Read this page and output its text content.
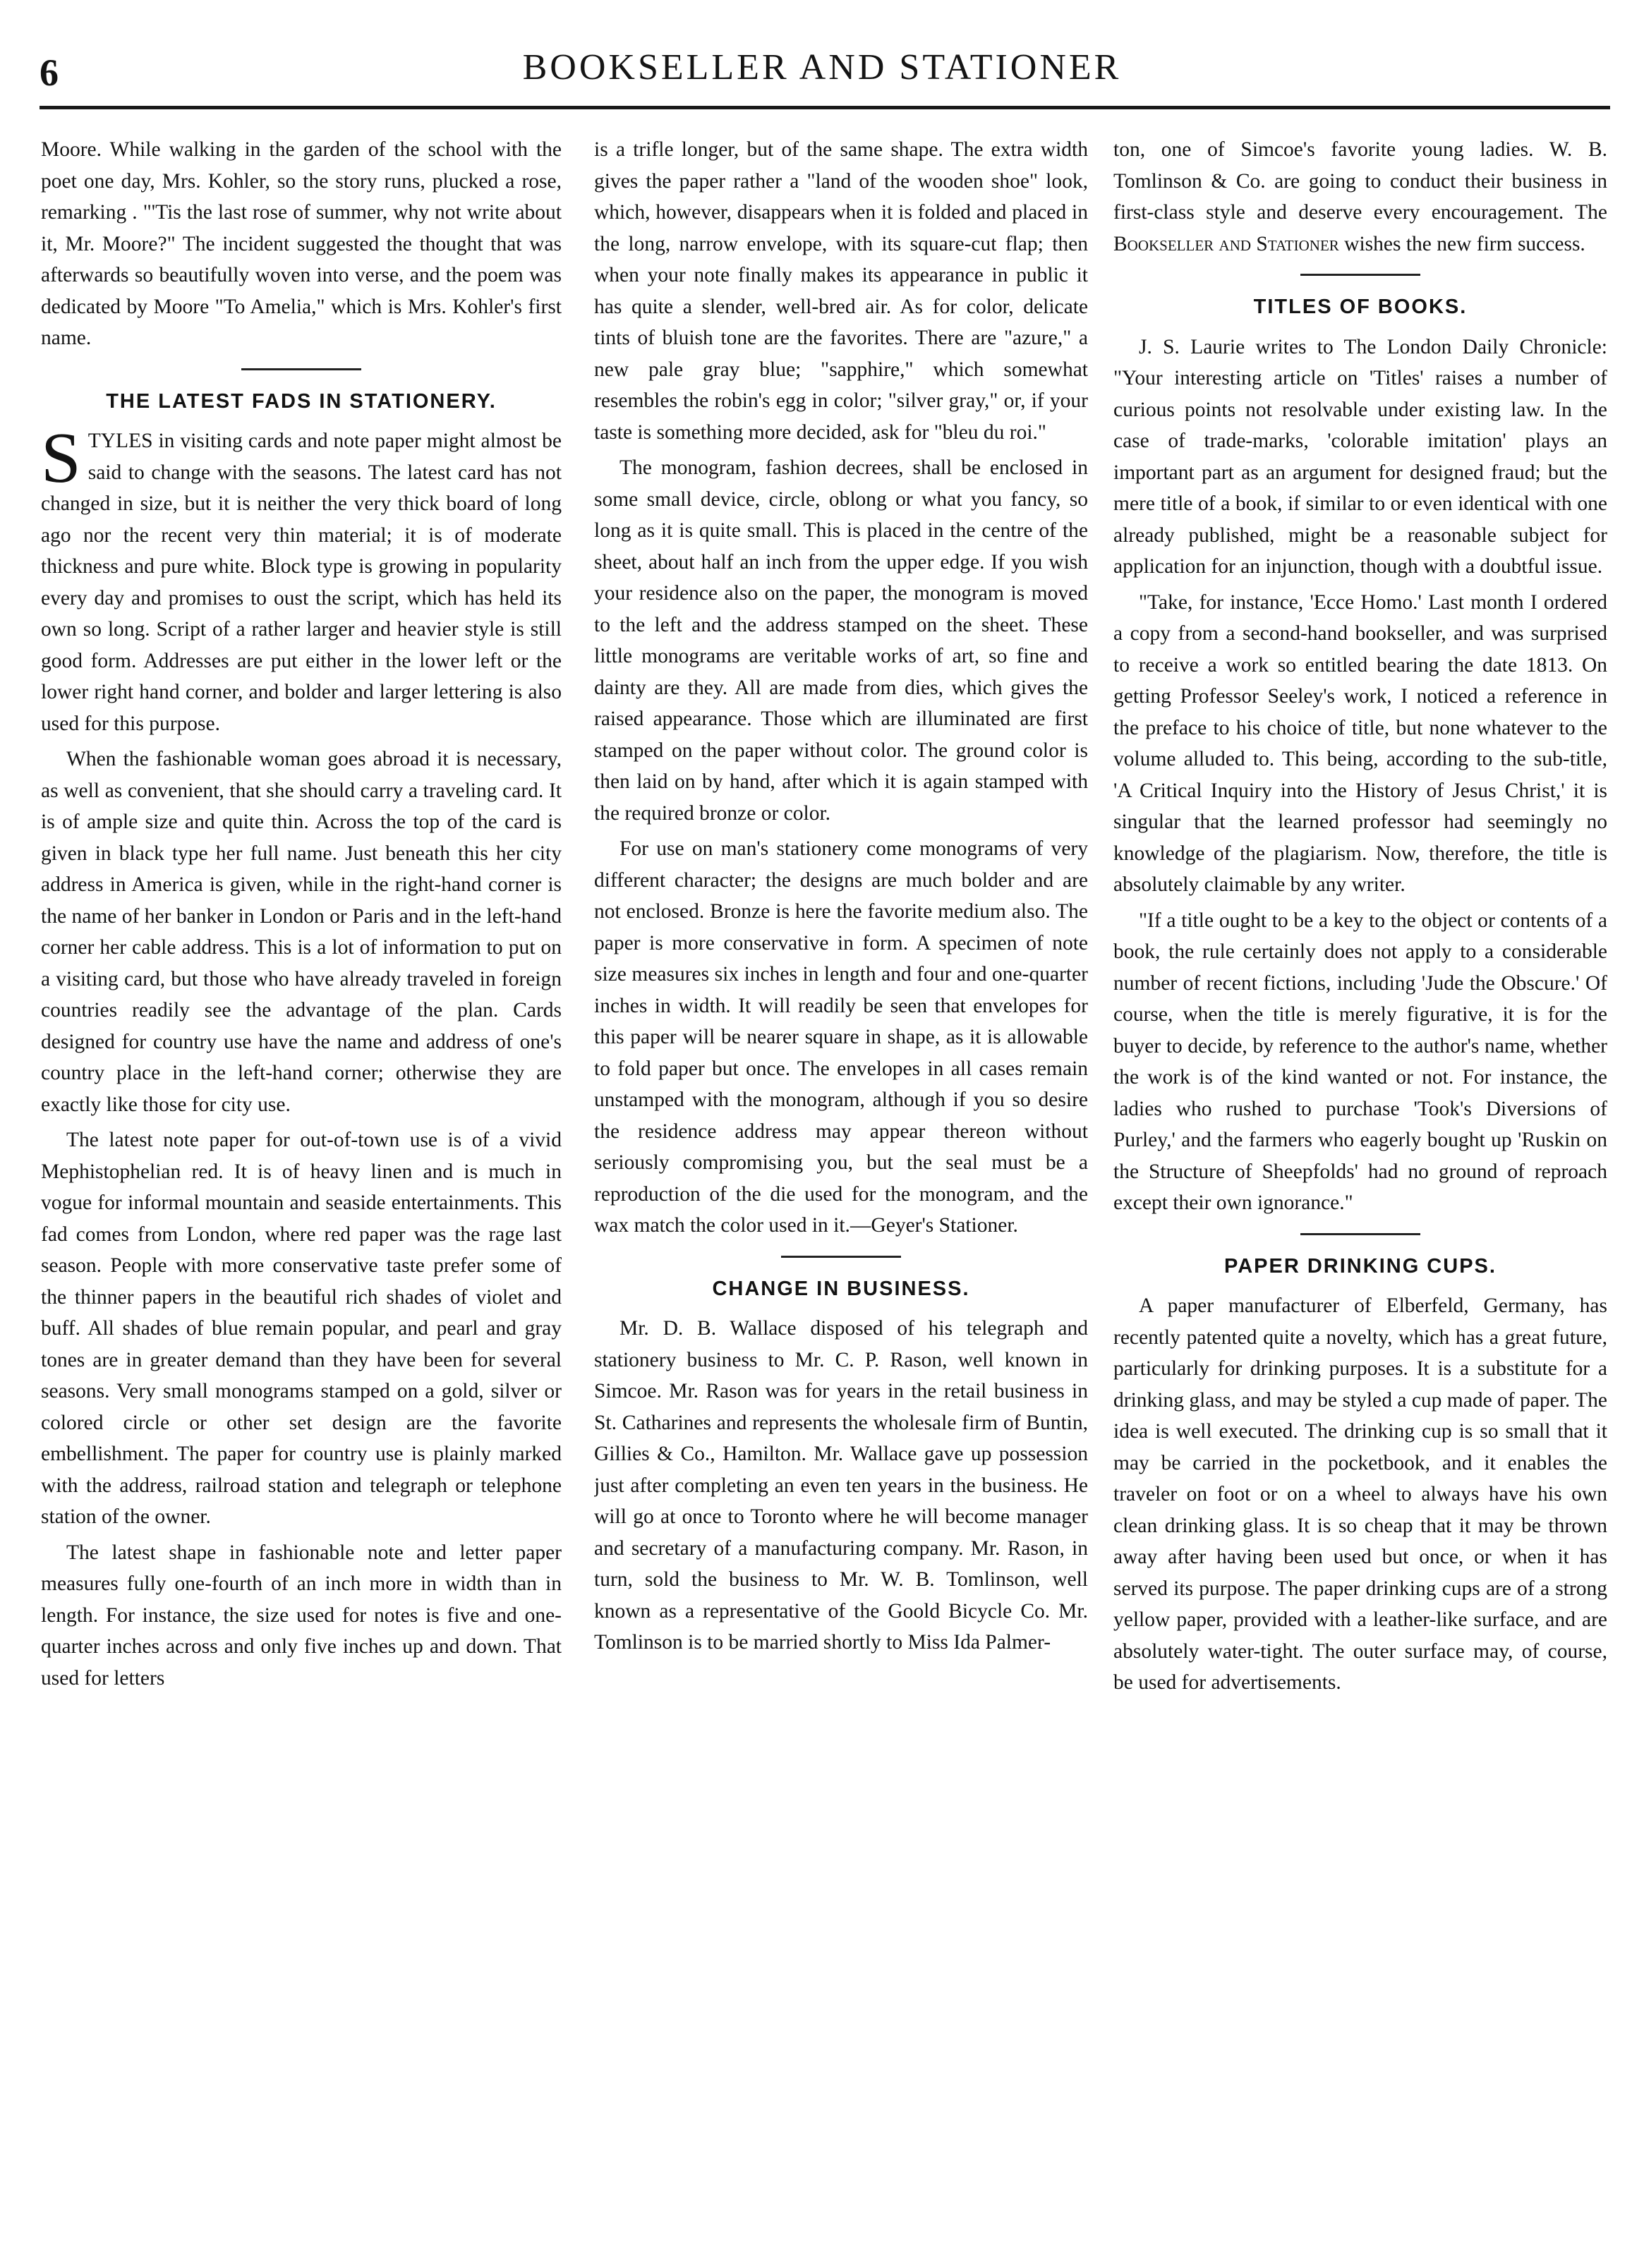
6	BOOKSELLER AND STATIONER

Moore. While walking in the garden of the school with the poet one day, Mrs. Kohler, so the story runs, plucked a rose, remarking . "'Tis the last rose of summer, why not write about it, Mr. Moore?" The incident suggested the thought that was afterwards so beautifully woven into verse, and the poem was dedicated by Moore "To Amelia," which is Mrs. Kohler's first name.

THE LATEST FADS IN STATIONERY.

STYLES in visiting cards and note paper might almost be said to change with the seasons. The latest card has not changed in size, but it is neither the very thick board of long ago nor the recent very thin material; it is of moderate thickness and pure white. Block type is growing in popularity every day and promises to oust the script, which has held its own so long. Script of a rather larger and heavier style is still good form. Addresses are put either in the lower left or the lower right hand corner, and bolder and larger lettering is also used for this purpose.

When the fashionable woman goes abroad it is necessary, as well as convenient, that she should carry a traveling card. It is of ample size and quite thin. Across the top of the card is given in black type her full name. Just beneath this her city address in America is given, while in the right-hand corner is the name of her banker in London or Paris and in the left-hand corner her cable address. This is a lot of information to put on a visiting card, but those who have already traveled in foreign countries readily see the advantage of the plan. Cards designed for country use have the name and address of one's country place in the left-hand corner; otherwise they are exactly like those for city use.

The latest note paper for out-of-town use is of a vivid Mephistophelian red. It is of heavy linen and is much in vogue for informal mountain and seaside entertainments. This fad comes from London, where red paper was the rage last season. People with more conservative taste prefer some of the thinner papers in the beautiful rich shades of violet and buff. All shades of blue remain popular, and pearl and gray tones are in greater demand than they have been for several seasons. Very small monograms stamped on a gold, silver or colored circle or other set design are the favorite embellishment. The paper for country use is plainly marked with the address, railroad station and telegraph or telephone station of the owner.

The latest shape in fashionable note and letter paper measures fully one-fourth of an inch more in width than in length. For instance, the size used for notes is five and one-quarter inches across and only five inches up and down. That used for letters

is a trifle longer, but of the same shape. The extra width gives the paper rather a "land of the wooden shoe" look, which, however, disappears when it is folded and placed in the long, narrow envelope, with its square-cut flap; then when your note finally makes its appearance in public it has quite a slender, well-bred air. As for color, delicate tints of bluish tone are the favorites. There are "azure," a new pale gray blue; "sapphire," which somewhat resembles the robin's egg in color; "silver gray," or, if your taste is something more decided, ask for "bleu du roi."

The monogram, fashion decrees, shall be enclosed in some small device, circle, oblong or what you fancy, so long as it is quite small. This is placed in the centre of the sheet, about half an inch from the upper edge. If you wish your residence also on the paper, the monogram is moved to the left and the address stamped on the sheet. These little monograms are veritable works of art, so fine and dainty are they. All are made from dies, which gives the raised appearance. Those which are illuminated are first stamped on the paper without color. The ground color is then laid on by hand, after which it is again stamped with the required bronze or color.

For use on man's stationery come monograms of very different character; the designs are much bolder and are not enclosed. Bronze is here the favorite medium also. The paper is more conservative in form. A specimen of note size measures six inches in length and four and one-quarter inches in width. It will readily be seen that envelopes for this paper will be nearer square in shape, as it is allowable to fold paper but once. The envelopes in all cases remain unstamped with the monogram, although if you so desire the residence address may appear thereon without seriously compromising you, but the seal must be a reproduction of the die used for the monogram, and the wax match the color used in it.—Geyer's Stationer.

CHANGE IN BUSINESS.

Mr. D. B. Wallace disposed of his telegraph and stationery business to Mr. C. P. Rason, well known in Simcoe. Mr. Rason was for years in the retail business in St. Catharines and represents the wholesale firm of Buntin, Gillies & Co., Hamilton. Mr. Wallace gave up possession just after completing an even ten years in the business. He will go at once to Toronto where he will become manager and secretary of a manufacturing company. Mr. Rason, in turn, sold the business to Mr. W. B. Tomlinson, well known as a representative of the Goold Bicycle Co. Mr. Tomlinson is to be married shortly to Miss Ida Palmer-

ton, one of Simcoe's favorite young ladies. W. B. Tomlinson & Co. are going to conduct their business in first-class style and deserve every encouragement. The Bookseller and Stationer wishes the new firm success.

TITLES OF BOOKS.

J. S. Laurie writes to The London Daily Chronicle: "Your interesting article on 'Titles' raises a number of curious points not resolvable under existing law. In the case of trade-marks, 'colorable imitation' plays an important part as an argument for designed fraud; but the mere title of a book, if similar to or even identical with one already published, might be a reasonable subject for application for an injunction, though with a doubtful issue.

"Take, for instance, 'Ecce Homo.' Last month I ordered a copy from a second-hand bookseller, and was surprised to receive a work so entitled bearing the date 1813. On getting Professor Seeley's work, I noticed a reference in the preface to his choice of title, but none whatever to the volume alluded to. This being, according to the sub-title, 'A Critical Inquiry into the History of Jesus Christ,' it is singular that the learned professor had seemingly no knowledge of the plagiarism. Now, therefore, the title is absolutely claimable by any writer.

"If a title ought to be a key to the object or contents of a book, the rule certainly does not apply to a considerable number of recent fictions, including 'Jude the Obscure.' Of course, when the title is merely figurative, it is for the buyer to decide, by reference to the author's name, whether the work is of the kind wanted or not. For instance, the ladies who rushed to purchase 'Took's Diversions of Purley,' and the farmers who eagerly bought up 'Ruskin on the Structure of Sheepfolds' had no ground of reproach except their own ignorance."

PAPER DRINKING CUPS.

A paper manufacturer of Elberfeld, Germany, has recently patented quite a novelty, which has a great future, particularly for drinking purposes. It is a substitute for a drinking glass, and may be styled a cup made of paper. The idea is well executed. The drinking cup is so small that it may be carried in the pocketbook, and it enables the traveler on foot or on a wheel to always have his own clean drinking glass. It is so cheap that it may be thrown away after having been used but once, or when it has served its purpose. The paper drinking cups are of a strong yellow paper, provided with a leather-like surface, and are absolutely water-tight. The outer surface may, of course, be used for advertisements.
